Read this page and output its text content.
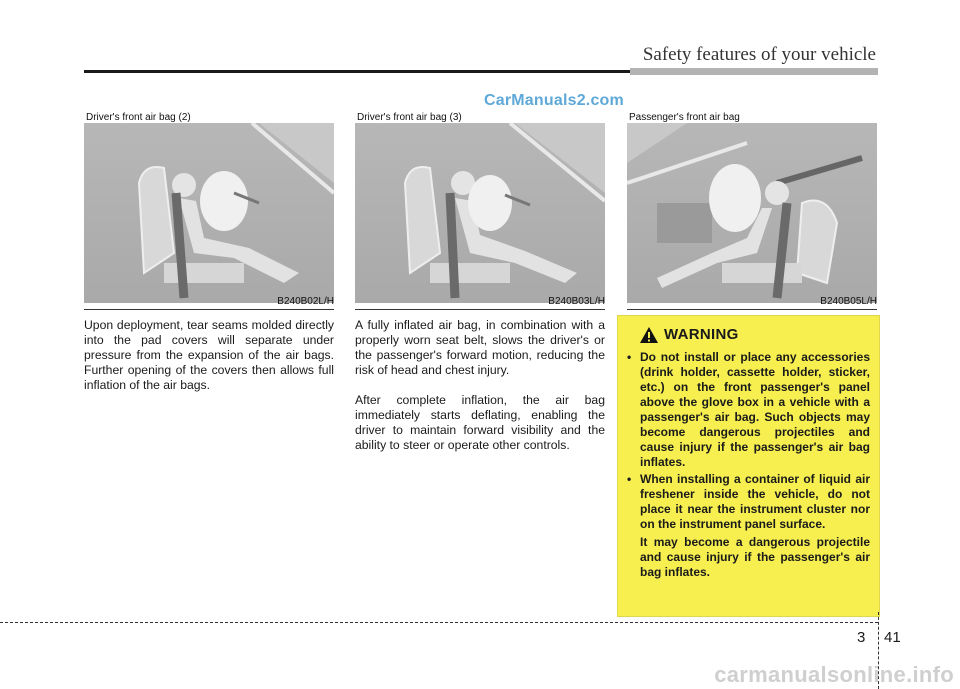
Safety features of your vehicle
CarManuals2.com
Driver's front air bag (2)
B240B02L/H
Driver's front air bag (3)
B240B03L/H
Passenger's front air bag
B240B05L/H

Upon deployment, tear seams molded directly into the pad covers will separate under pressure from the expansion of the air bags. Further opening of the covers then allows full inflation of the air bags.

A fully inflated air bag, in combination with a properly worn seat belt, slows the driver's or the passenger's forward motion, reducing the risk of head and chest injury.

After complete inflation, the air bag immediately starts deflating, enabling the driver to maintain forward visibility and the ability to steer or operate other controls.

WARNING
• Do not install or place any accessories (drink holder, cassette holder, sticker, etc.) on the front passenger's panel above the glove box in a vehicle with a passenger's air bag. Such objects may become dangerous projectiles and cause injury if the passenger's air bag inflates.
• When installing a container of liquid air freshener inside the vehicle, do not place it near the instrument cluster nor on the instrument panel surface.
It may become a dangerous projectile and cause injury if the passenger's air bag inflates.
3 41
carmanualsonline.info
